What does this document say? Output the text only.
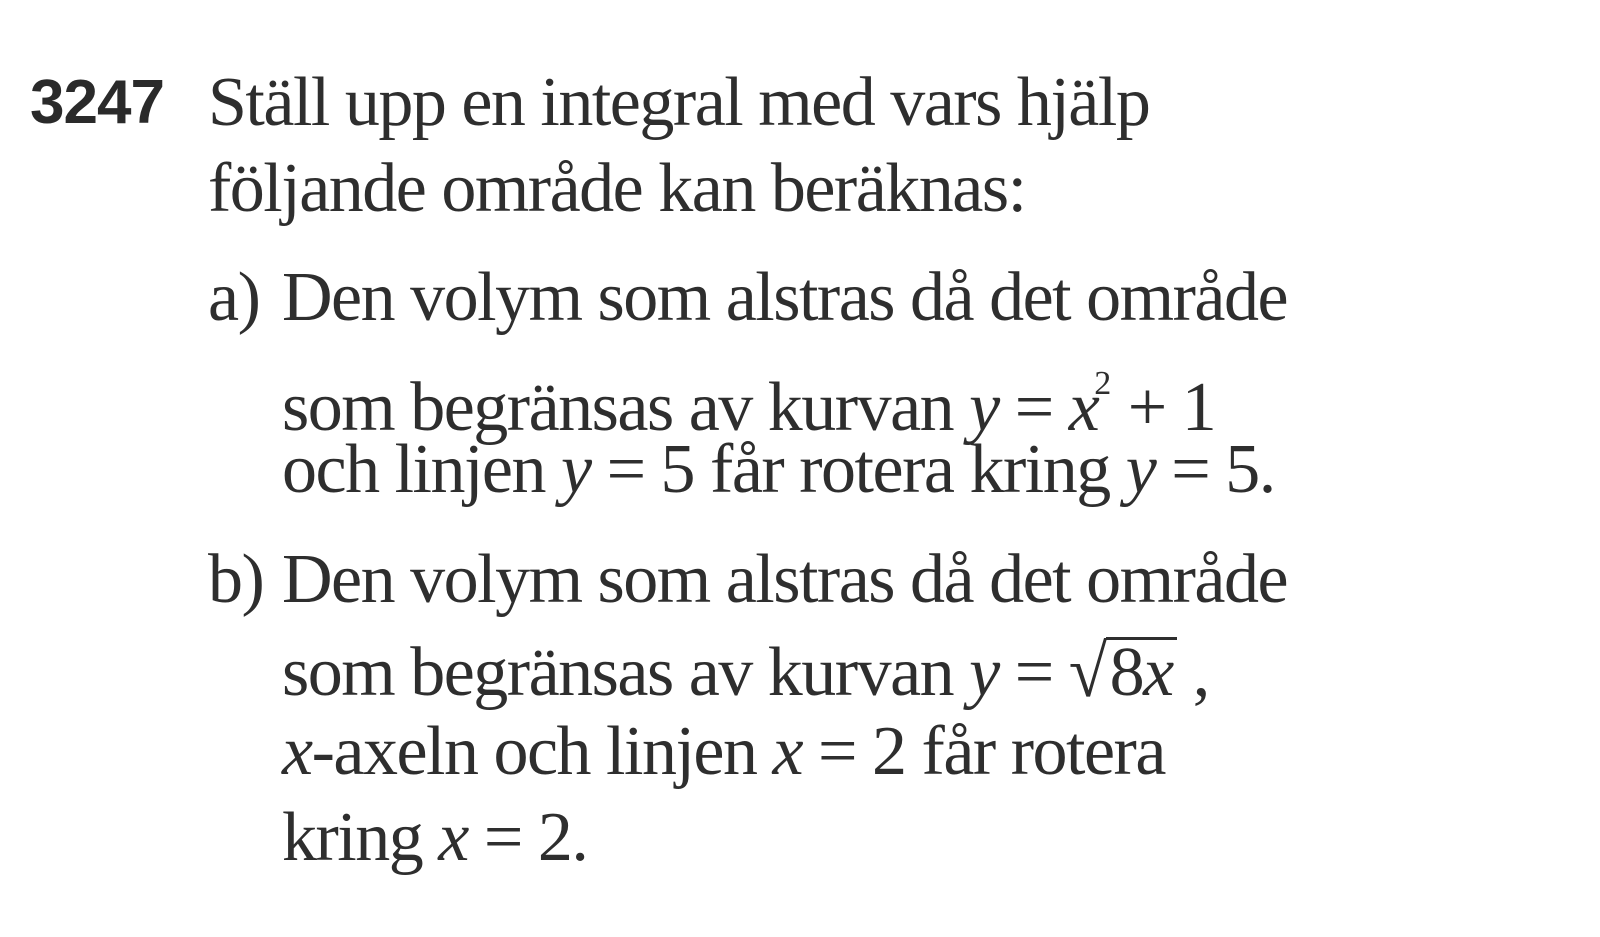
3247 Ställ upp en integral med vars hjälp
följande område kan beräknas:
a) Den volym som alstras då det område
som begränsas av kurvan $y = x^2 + 1$
och linjen y = 5 får rotera kring y = 5.
b) Den volym som alstras då det område
som begränsas av kurvan y = √8x ,
x-axeln och linjen x = 2 får rotera
kring x = 2.
